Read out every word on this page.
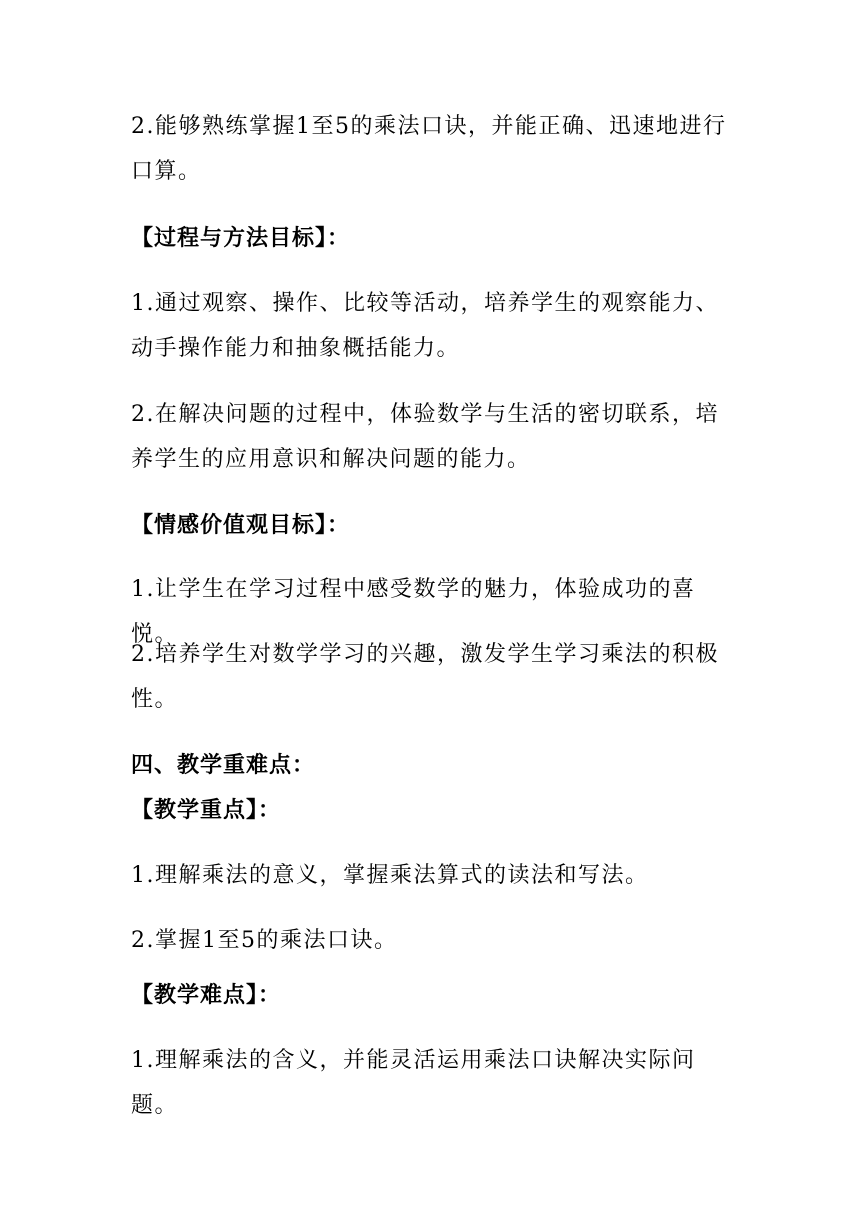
2.能够熟练掌握1至5的乘法口诀，并能正确、迅速地进行口算。

【过程与方法目标】：

1.通过观察、操作、比较等活动，培养学生的观察能力、动手操作能力和抽象概括能力。

2.在解决问题的过程中，体验数学与生活的密切联系，培养学生的应用意识和解决问题的能力。

【情感价值观目标】：

1.让学生在学习过程中感受数学的魅力，体验成功的喜悦。

2.培养学生对数学学习的兴趣，激发学生学习乘法的积极性。

四、教学重难点：

【教学重点】：

1.理解乘法的意义，掌握乘法算式的读法和写法。

2.掌握1至5的乘法口诀。

【教学难点】：

1.理解乘法的含义，并能灵活运用乘法口诀解决实际问题。
